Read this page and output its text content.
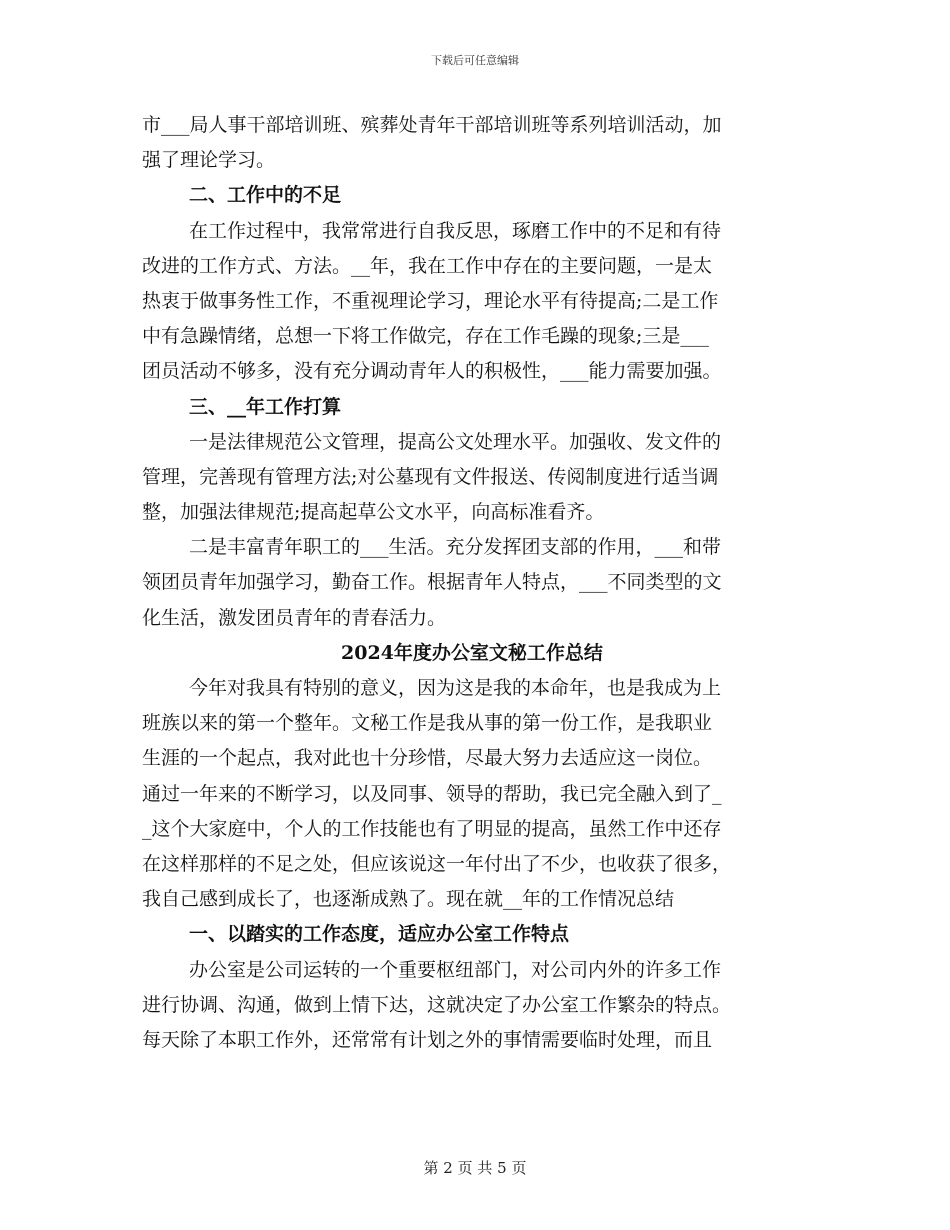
下载后可任意编辑
市___局人事干部培训班、殡葬处青年干部培训班等系列培训活动，加
强了理论学习。
二、工作中的不足
在工作过程中，我常常进行自我反思，琢磨工作中的不足和有待
改进的工作方式、方法。__年，我在工作中存在的主要问题，一是太
热衷于做事务性工作，不重视理论学习，理论水平有待提高;二是工作
中有急躁情绪，总想一下将工作做完，存在工作毛躁的现象;三是___
团员活动不够多，没有充分调动青年人的积极性，___能力需要加强。
三、__年工作打算
一是法律规范公文管理，提高公文处理水平。加强收、发文件的
管理，完善现有管理方法;对公墓现有文件报送、传阅制度进行适当调
整，加强法律规范;提高起草公文水平，向高标准看齐。
二是丰富青年职工的___生活。充分发挥团支部的作用，___和带
领团员青年加强学习，勤奋工作。根据青年人特点，___不同类型的文
化生活，激发团员青年的青春活力。
2024年度办公室文秘工作总结
今年对我具有特别的意义，因为这是我的本命年，也是我成为上
班族以来的第一个整年。文秘工作是我从事的第一份工作，是我职业
生涯的一个起点，我对此也十分珍惜，尽最大努力去适应这一岗位。
通过一年来的不断学习，以及同事、领导的帮助，我已完全融入到了_
_这个大家庭中，个人的工作技能也有了明显的提高，虽然工作中还存
在这样那样的不足之处，但应该说这一年付出了不少，也收获了很多，
我自己感到成长了，也逐渐成熟了。现在就__年的工作情况总结
一、以踏实的工作态度，适应办公室工作特点
办公室是公司运转的一个重要枢纽部门，对公司内外的许多工作
进行协调、沟通，做到上情下达，这就决定了办公室工作繁杂的特点。
每天除了本职工作外，还常常有计划之外的事情需要临时处理，而且
第 2 页 共 5 页
